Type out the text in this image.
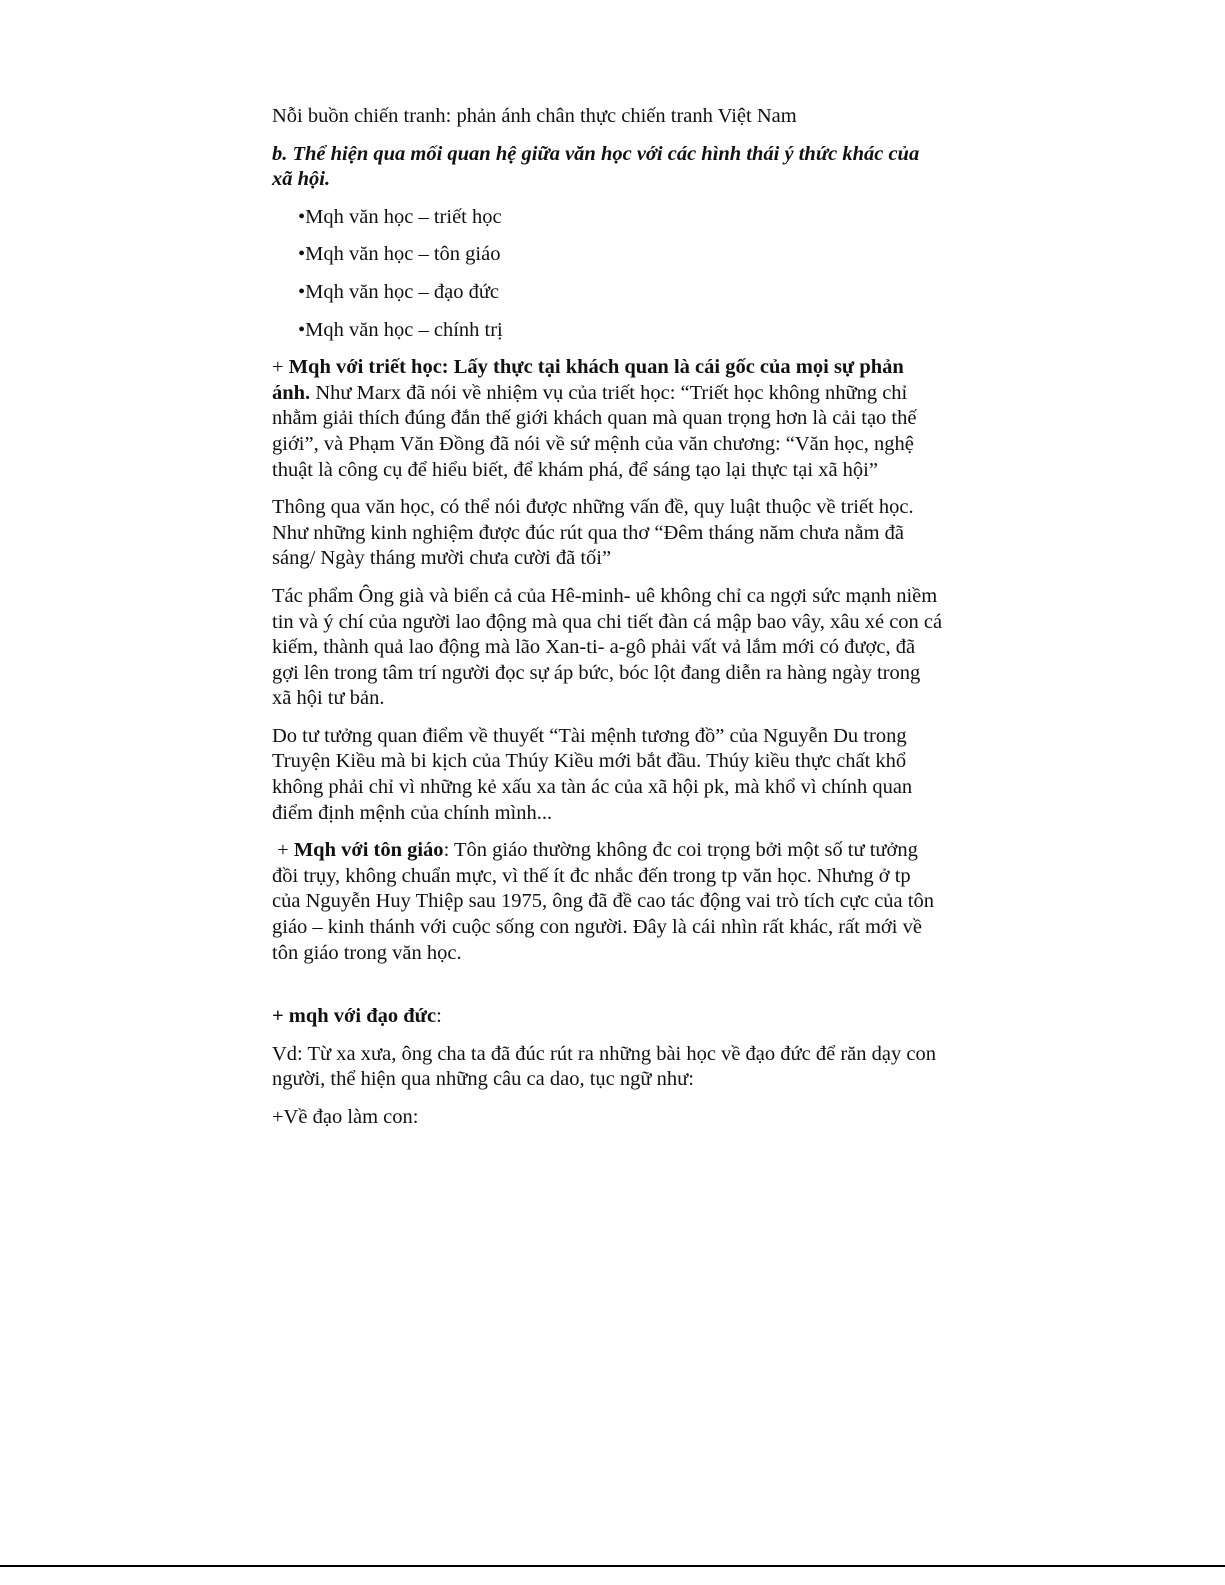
Nỗi buồn chiến tranh: phản ánh chân thực chiến tranh Việt Nam

b. Thể hiện qua mối quan hệ giữa văn học với các hình thái ý thức khác của xã hội.

•Mqh văn học – triết học

•Mqh văn học – tôn giáo

•Mqh văn học – đạo đức

•Mqh văn học – chính trị

+ Mqh với triết học: Lấy thực tại khách quan là cái gốc của mọi sự phản ánh. Như Marx đã nói về nhiệm vụ của triết học: “Triết học không những chỉ nhằm giải thích đúng đắn thế giới khách quan mà quan trọng hơn là cải tạo thế giới”, và Phạm Văn Đồng đã nói về sứ mệnh của văn chương: “Văn học, nghệ thuật là công cụ để hiểu biết, để khám phá, để sáng tạo lại thực tại xã hội”

Thông qua văn học, có thể nói được những vấn đề, quy luật thuộc về triết học. Như những kinh nghiệm được đúc rút qua thơ “Đêm tháng năm chưa nằm đã sáng/ Ngày tháng mười chưa cười đã tối”

Tác phẩm Ông già và biển cả của Hê-minh- uê không chỉ ca ngợi sức mạnh niềm tin và ý chí của người lao động mà qua chi tiết đàn cá mập bao vây, xâu xé con cá kiếm, thành quả lao động mà lão Xan-ti- a-gô phải vất vả lắm mới có được, đã gợi lên trong tâm trí người đọc sự áp bức, bóc lột đang diễn ra hàng ngày trong xã hội tư bản.

Do tư tưởng quan điểm về thuyết “Tài mệnh tương đồ” của Nguyễn Du trong Truyện Kiều mà bi kịch của Thúy Kiều mới bắt đầu. Thúy kiều thực chất khổ không phải chỉ vì những kẻ xấu xa tàn ác của xã hội pk, mà khổ vì chính quan điểm định mệnh của chính mình...

+ Mqh với tôn giáo: Tôn giáo thường không đc coi trọng bởi một số tư tưởng đồi trụy, không chuẩn mực, vì thế ít đc nhắc đến trong tp văn học. Nhưng ở tp của Nguyễn Huy Thiệp sau 1975, ông đã đề cao tác động vai trò tích cực của tôn giáo – kinh thánh với cuộc sống con người. Đây là cái nhìn rất khác, rất mới về tôn giáo trong văn học.

+ mqh với đạo đức:

Vd: Từ xa xưa, ông cha ta đã đúc rút ra những bài học về đạo đức để răn dạy con người, thể hiện qua những câu ca dao, tục ngữ như:

+Về đạo làm con:
